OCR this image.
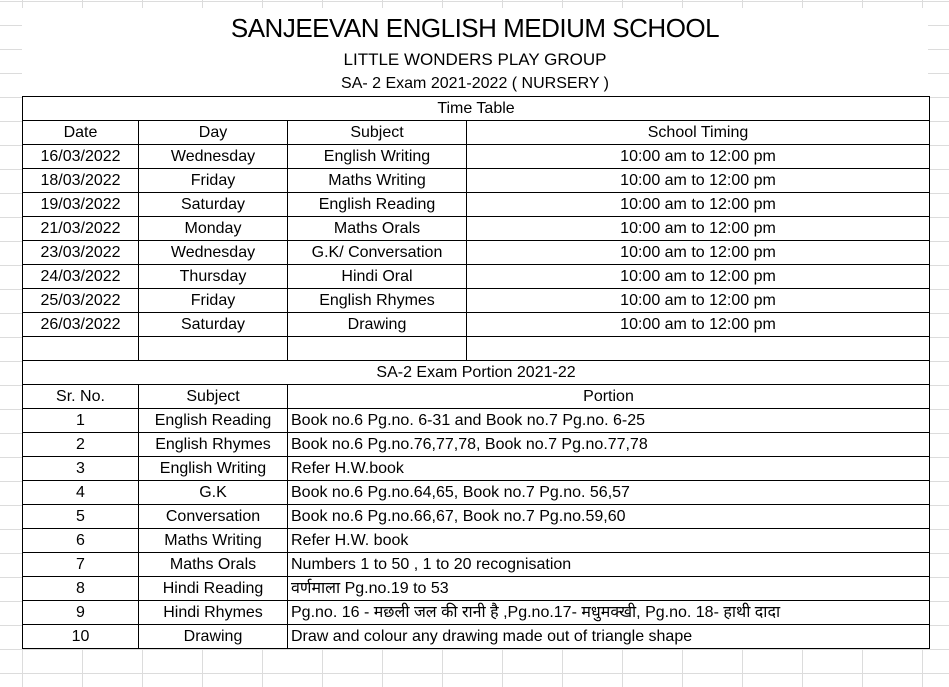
SANJEEVAN ENGLISH MEDIUM SCHOOL
LITTLE WONDERS PLAY GROUP
SA- 2 Exam 2021-2022 ( NURSERY )
Time Table			
Date	Day	Subject	School Timing
16/03/2022	Wednesday	English Writing	10:00 am to 12:00 pm
18/03/2022	Friday	Maths Writing	10:00 am to 12:00 pm
19/03/2022	Saturday	English Reading	10:00 am to 12:00 pm
21/03/2022	Monday	Maths Orals	10:00 am to 12:00 pm
23/03/2022	Wednesday	G.K/ Conversation	10:00 am to 12:00 pm
24/03/2022	Thursday	Hindi Oral	10:00 am to 12:00 pm
25/03/2022	Friday	English Rhymes	10:00 am to 12:00 pm
26/03/2022	Saturday	Drawing	10:00 am to 12:00 pm

SA-2 Exam Portion 2021-22			
Sr. No.	Subject	Portion	
1	English Reading	Book no.6 Pg.no. 6-31 and Book no.7 Pg.no. 6-25	
2	English Rhymes	Book no.6 Pg.no.76,77,78, Book no.7 Pg.no.77,78	
3	English Writing	Refer H.W.book	
4	G.K	Book no.6 Pg.no.64,65, Book no.7 Pg.no. 56,57	
5	Conversation	Book no.6 Pg.no.66,67, Book no.7 Pg.no.59,60	
6	Maths Writing	Refer H.W. book	
7	Maths Orals	Numbers 1 to 50 , 1 to 20 recognisation	
8	Hindi Reading	वर्णमाला Pg.no.19 to 53	
9	Hindi Rhymes	Pg.no. 16 - मछली जल की रानी है ,Pg.no.17- मधुमक्खी, Pg.no. 18- हाथी दादा	
10	Drawing	Draw and colour any drawing made out of triangle shape	
